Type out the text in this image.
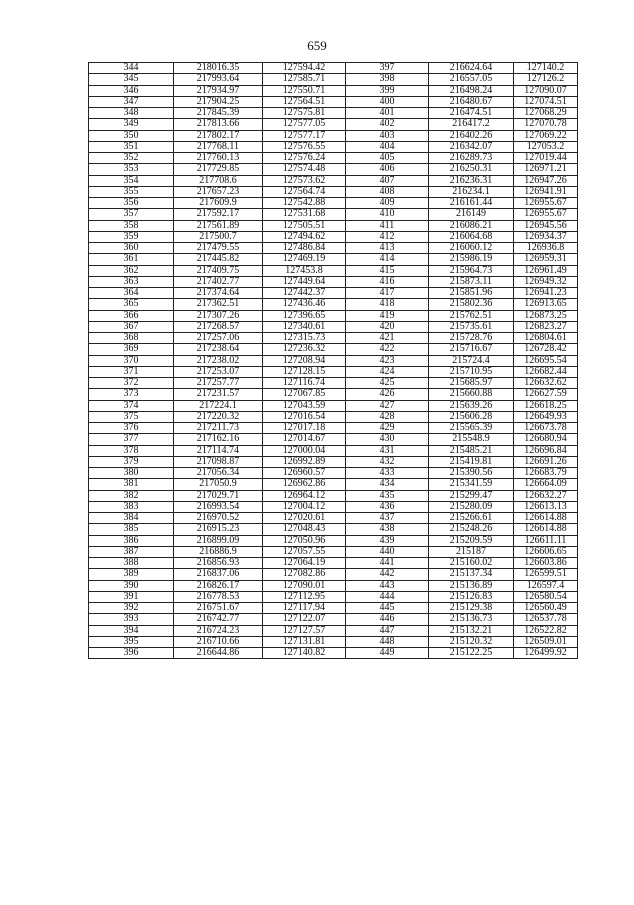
659
344	218016.35	127594.42	397	216624.64	127140.2
345	217993.64	127585.71	398	216557.05	127126.2
346	217934.97	127550.71	399	216498.24	127090.07
347	217904.25	127564.51	400	216480.67	127074.51
348	217845.39	127575.81	401	216474.51	127068.29
349	217813.66	127577.05	402	216417.2	127070.78
350	217802.17	127577.17	403	216402.26	127069.22
351	217768.11	127576.55	404	216342.07	127053.2
352	217760.13	127576.24	405	216289.73	127019.44
353	217729.85	127574.48	406	216250.31	126971.21
354	217708.6	127573.62	407	216236.31	126947.26
355	217657.23	127564.74	408	216234.1	126941.91
356	217609.9	127542.88	409	216161.44	126955.67
357	217592.17	127531.68	410	216149	126955.67
358	217561.89	127505.51	411	216086.21	126945.56
359	217500.7	127494.62	412	216064.68	126934.37
360	217479.55	127486.84	413	216060.12	126936.8
361	217445.82	127469.19	414	215986.19	126959.31
362	217409.75	127453.8	415	215964.73	126961.49
363	217402.77	127449.64	416	215873.11	126949.32
364	217374.64	127442.37	417	215851.96	126941.23
365	217362.51	127436.46	418	215802.36	126913.65
366	217307.26	127396.65	419	215762.51	126873.25
367	217268.57	127340.61	420	215735.61	126823.27
368	217257.06	127315.73	421	215728.76	126804.61
369	217238.64	127236.32	422	215716.67	126728.42
370	217238.02	127208.94	423	215724.4	126695.54
371	217253.07	127128.15	424	215710.95	126682.44
372	217257.77	127116.74	425	215685.97	126632.62
373	217231.57	127067.85	426	215660.88	126627.59
374	217224.1	127043.59	427	215639.26	126618.25
375	217220.32	127016.54	428	215606.28	126649.93
376	217211.73	127017.18	429	215565.39	126673.78
377	217162.16	127014.67	430	215548.9	126680.94
378	217114.74	127000.04	431	215485.21	126696.84
379	217098.87	126992.89	432	215419.81	126691.26
380	217056.34	126960.57	433	215390.56	126683.79
381	217050.9	126962.86	434	215341.59	126664.09
382	217029.71	126964.12	435	215299.47	126632.27
383	216993.54	127004.12	436	215280.09	126613.13
384	216970.52	127020.61	437	215266.61	126614.88
385	216915.23	127048.43	438	215248.26	126614.88
386	216899.09	127050.96	439	215209.59	126611.11
387	216886.9	127057.55	440	215187	126606.65
388	216856.93	127064.19	441	215160.02	126603.86
389	216837.06	127082.86	442	215137.34	126599.51
390	216826.17	127090.01	443	215136.89	126597.4
391	216778.53	127112.95	444	215126.83	126580.54
392	216751.67	127117.94	445	215129.38	126560.49
393	216742.77	127122.07	446	215136.73	126537.78
394	216724.23	127127.57	447	215132.21	126522.82
395	216710.66	127131.81	448	215120.32	126509.01
396	216644.86	127140.82	449	215122.25	126499.92
